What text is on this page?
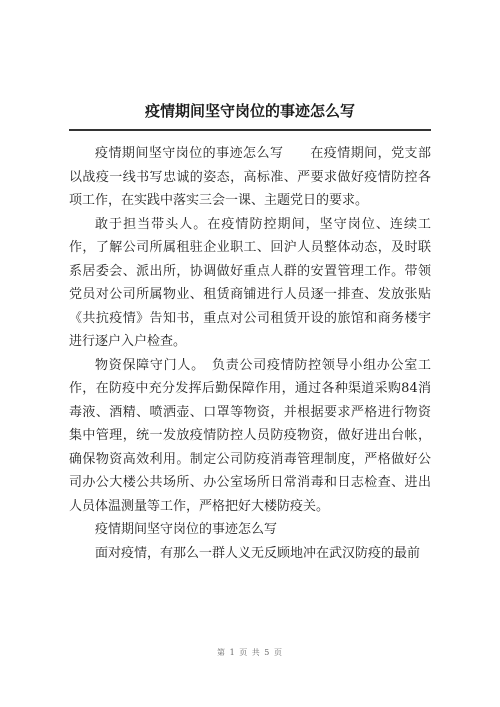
疫情期间坚守岗位的事迹怎么写

疫情期间坚守岗位的事迹怎么写　　在疫情期间，党支部以战疫一线书写忠诚的姿态，高标准、严要求做好疫情防控各项工作，在实践中落实三会一课、主题党日的要求。

敢于担当带头人。在疫情防控期间，坚守岗位、连续工作，了解公司所属租驻企业职工、回沪人员整体动态，及时联系居委会、派出所，协调做好重点人群的安置管理工作。带领党员对公司所属物业、租赁商铺进行人员逐一排查、发放张贴《共抗疫情》告知书，重点对公司租赁开设的旅馆和商务楼宇进行逐户入户检查。

物资保障守门人。　负责公司疫情防控领导小组办公室工作，在防疫中充分发挥后勤保障作用，通过各种渠道采购84消毒液、酒精、喷洒壶、口罩等物资，并根据要求严格进行物资集中管理，统一发放疫情防控人员防疫物资，做好进出台帐，确保物资高效利用。制定公司防疫消毒管理制度，严格做好公司办公大楼公共场所、办公室场所日常消毒和日志检查、进出人员体温测量等工作，严格把好大楼防疫关。

疫情期间坚守岗位的事迹怎么写

面对疫情，有那么一群人义无反顾地冲在武汉防疫的最前

第 1 页 共 5 页
